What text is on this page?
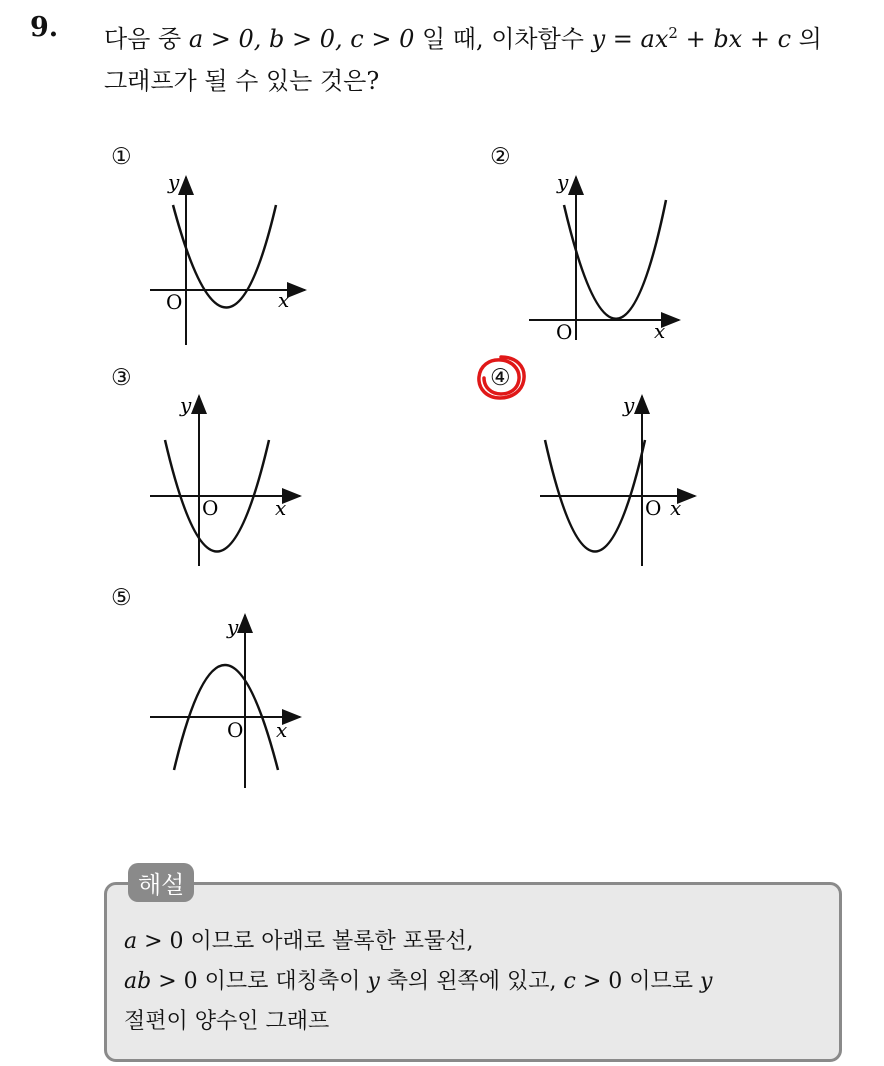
9. 다음 중 a > 0, b > 0, c > 0 일 때, 이차함수 $y = ax^2$ + bx + c 의
그래프가 될 수 있는 것은?
①
y
x
O
②
y
x
O
③
y
x
O
④
y
x
O
⑤
y
x
O
해설
a > 0 이므로 아래로 볼록한 포물선,
ab > 0 이므로 대칭축이 y 축의 왼쪽에 있고, c > 0 이므로 y
절편이 양수인 그래프
